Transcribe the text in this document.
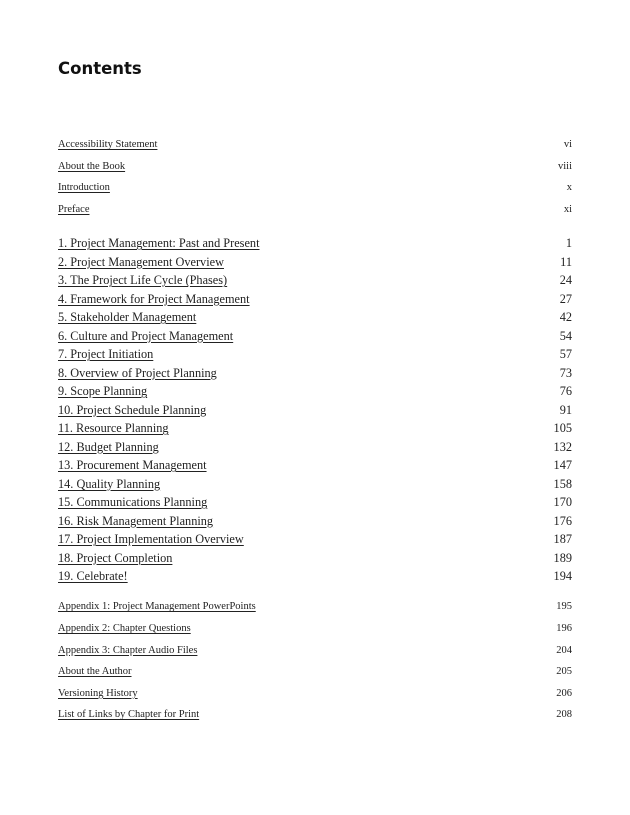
Contents
Accessibility Statement	vi
About the Book	viii
Introduction	x
Preface	xi
1. Project Management: Past and Present	1
2. Project Management Overview	11
3. The Project Life Cycle (Phases)	24
4. Framework for Project Management	27
5. Stakeholder Management	42
6. Culture and Project Management	54
7. Project Initiation	57
8. Overview of Project Planning	73
9. Scope Planning	76
10. Project Schedule Planning	91
11. Resource Planning	105
12. Budget Planning	132
13. Procurement Management	147
14. Quality Planning	158
15. Communications Planning	170
16. Risk Management Planning	176
17. Project Implementation Overview	187
18. Project Completion	189
19. Celebrate!	194
Appendix 1: Project Management PowerPoints	195
Appendix 2: Chapter Questions	196
Appendix 3: Chapter Audio Files	204
About the Author	205
Versioning History	206
List of Links by Chapter for Print	208
